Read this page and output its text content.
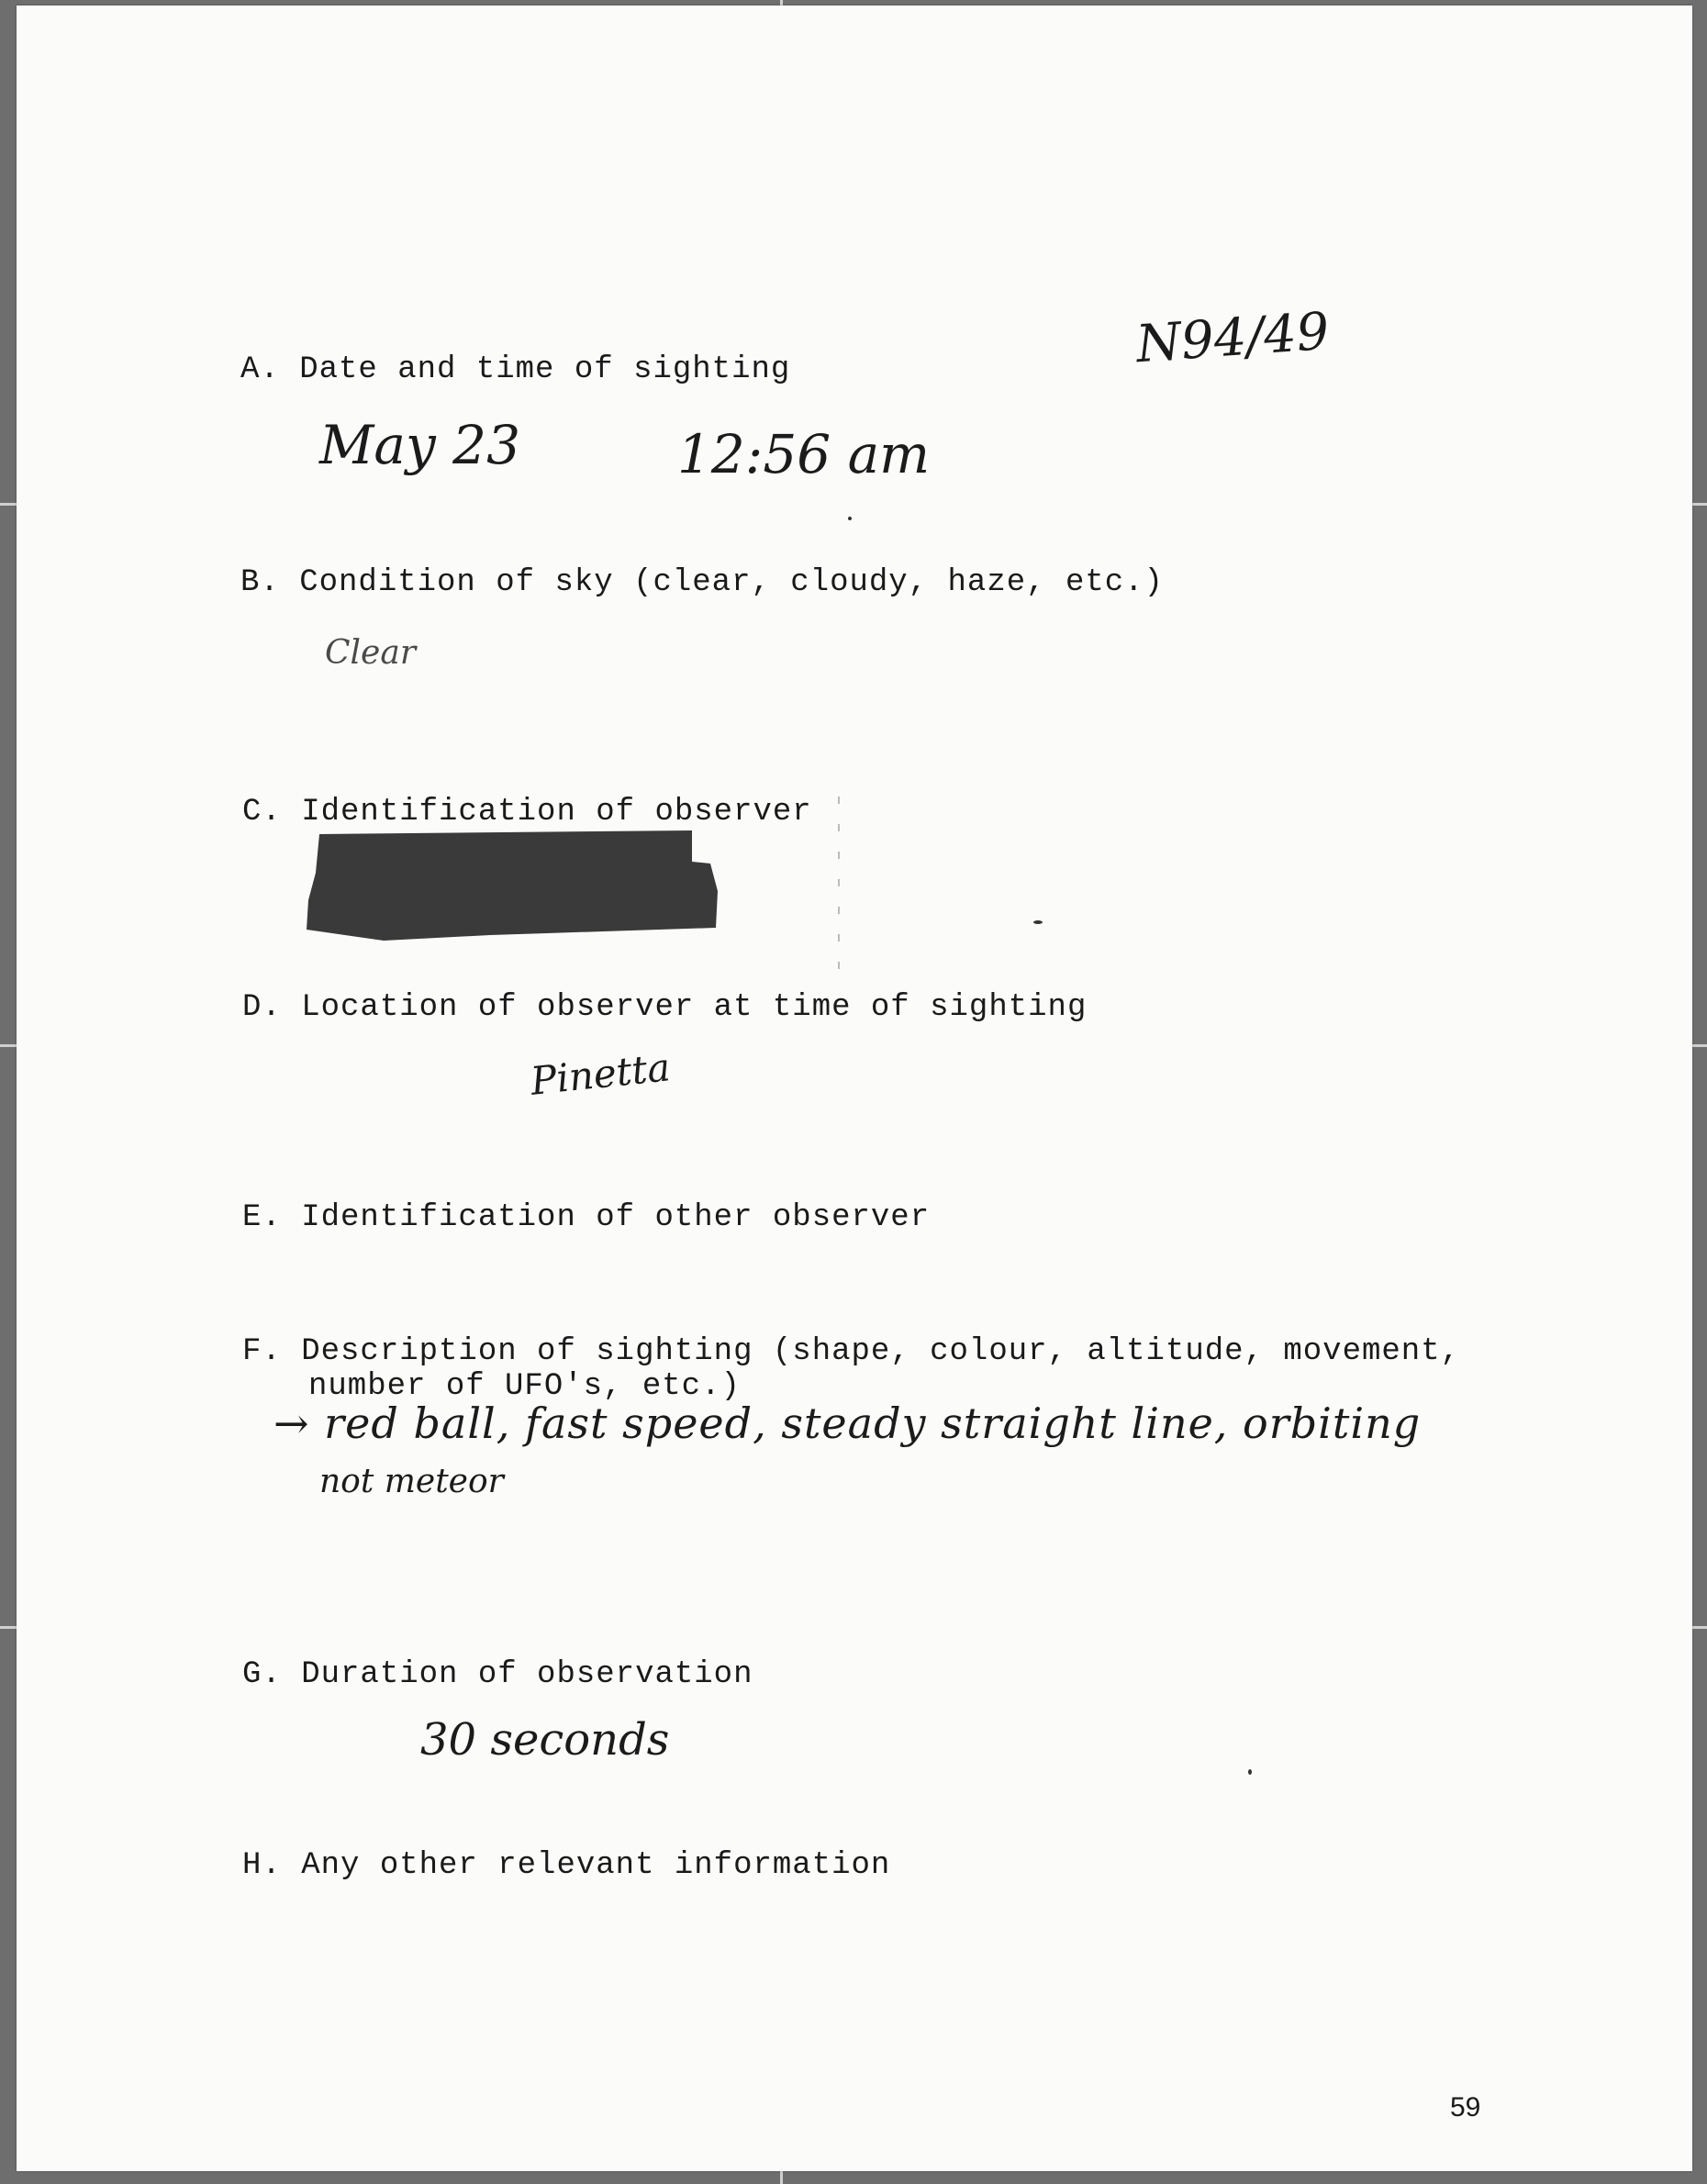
N94/49
A. Date and time of sighting
May 23	12:56 am
B. Condition of sky (clear, cloudy, haze, etc.)
Clear
C. Identification of observer
D. Location of observer at time of sighting
Pinetta
E. Identification of other observer
F. Description of sighting (shape, colour, altitude, movement,
number of UFO's, etc.)
→ red ball, fast speed, steady straight line, orbiting
not meteor
G. Duration of observation
30 seconds
H. Any other relevant information
59
